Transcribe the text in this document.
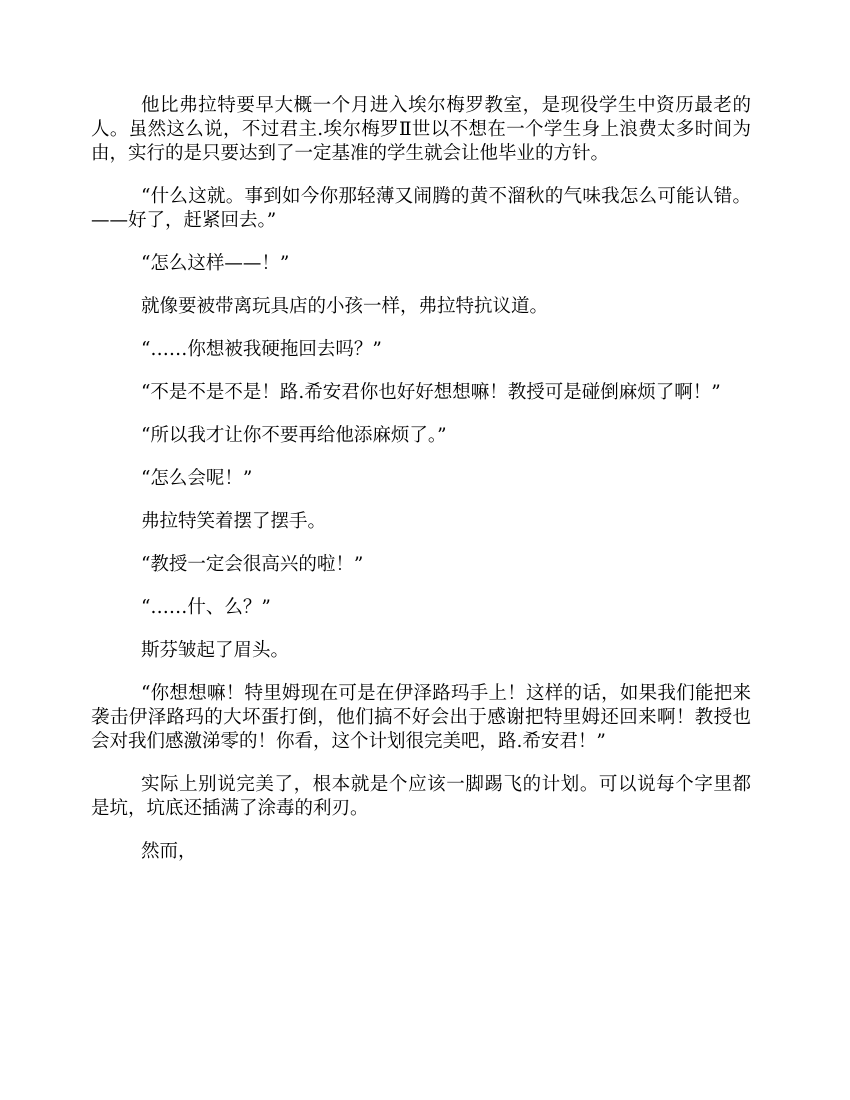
他比弗拉特要早大概一个月进入埃尔梅罗教室，是现役学生中资历最老的人。虽然这么说，不过君主.埃尔梅罗Ⅱ世以不想在一个学生身上浪费太多时间为由，实行的是只要达到了一定基准的学生就会让他毕业的方针。

“什么这就。事到如今你那轻薄又闹腾的黄不溜秋的气味我怎么可能认错。——好了，赶紧回去。”

“怎么这样——！”

就像要被带离玩具店的小孩一样，弗拉特抗议道。

“……你想被我硬拖回去吗？”

“不是不是不是！路.希安君你也好好想想嘛！教授可是碰倒麻烦了啊！”

“所以我才让你不要再给他添麻烦了。”

“怎么会呢！”

弗拉特笑着摆了摆手。

“教授一定会很高兴的啦！”

“……什、么？”

斯芬皱起了眉头。

“你想想嘛！特里姆现在可是在伊泽路玛手上！这样的话，如果我们能把来袭击伊泽路玛的大坏蛋打倒，他们搞不好会出于感谢把特里姆还回来啊！教授也会对我们感激涕零的！你看，这个计划很完美吧，路.希安君！”

实际上别说完美了，根本就是个应该一脚踢飞的计划。可以说每个字里都是坑，坑底还插满了涂毒的利刃。

然而，
